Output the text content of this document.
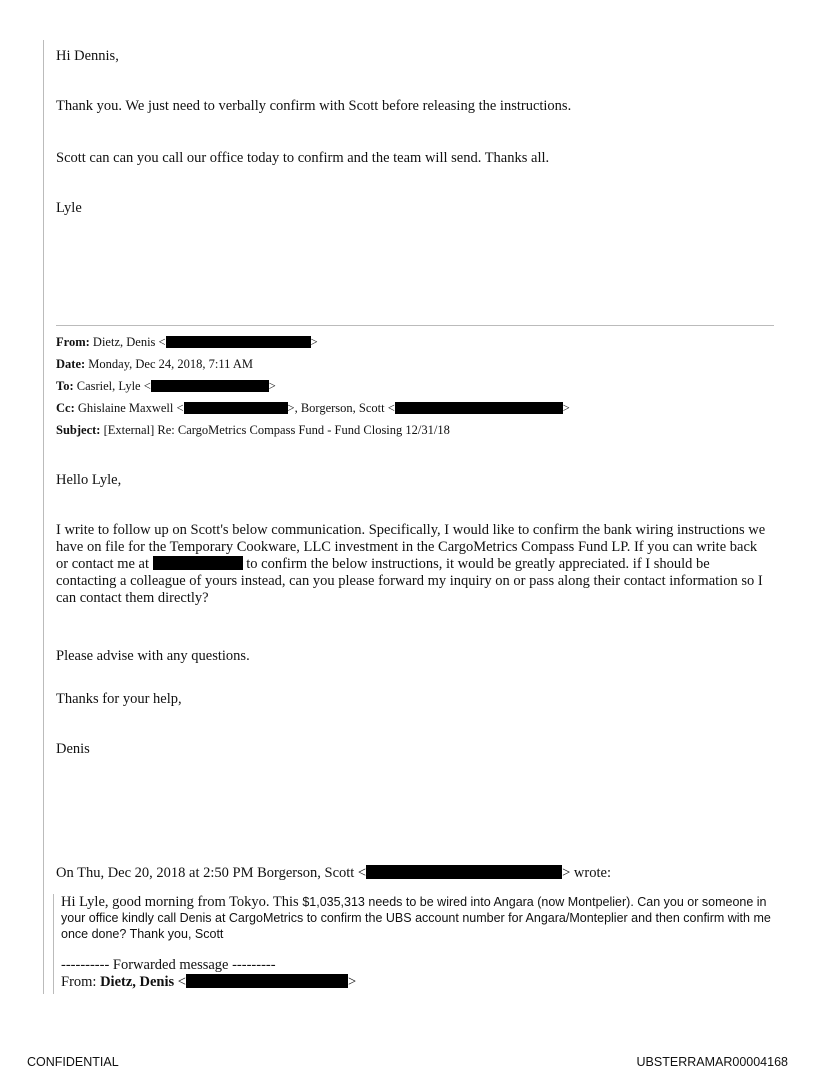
Hi Dennis,
Thank you. We just need to verbally confirm with Scott before releasing the instructions.
Scott can can you call our office today to confirm and the team will send. Thanks all.
Lyle
From: Dietz, Denis <	>
Date: Monday, Dec 24, 2018, 7:11 AM
To: Casriel, Lyle <	>
Cc: Ghislaine Maxwell <	>, Borgerson, Scott <	>
Subject: [External] Re: CargoMetrics Compass Fund - Fund Closing 12/31/18
Hello Lyle,
I write to follow up on Scott's below communication. Specifically, I would like to confirm the bank wiring instructions we have on file for the Temporary Cookware, LLC investment in the CargoMetrics Compass Fund LP. If you can write back or contact me at	to confirm the below instructions, it would be greatly appreciated. if I should be contacting a colleague of yours instead, can you please forward my inquiry on or pass along their contact information so I can contact them directly?
Please advise with any questions.
Thanks for your help,
Denis
On Thu, Dec 20, 2018 at 2:50 PM Borgerson, Scott <	> wrote:
Hi Lyle, good morning from Tokyo. This $1,035,313 needs to be wired into Angara (now Montpelier). Can you or someone in your office kindly call Denis at CargoMetrics to confirm the UBS account number for Angara/Monteplier and then confirm with me once done? Thank you, Scott
---------- Forwarded message ---------
From: Dietz, Denis <	>
CONFIDENTIAL	UBSTERRAMAR00004168
